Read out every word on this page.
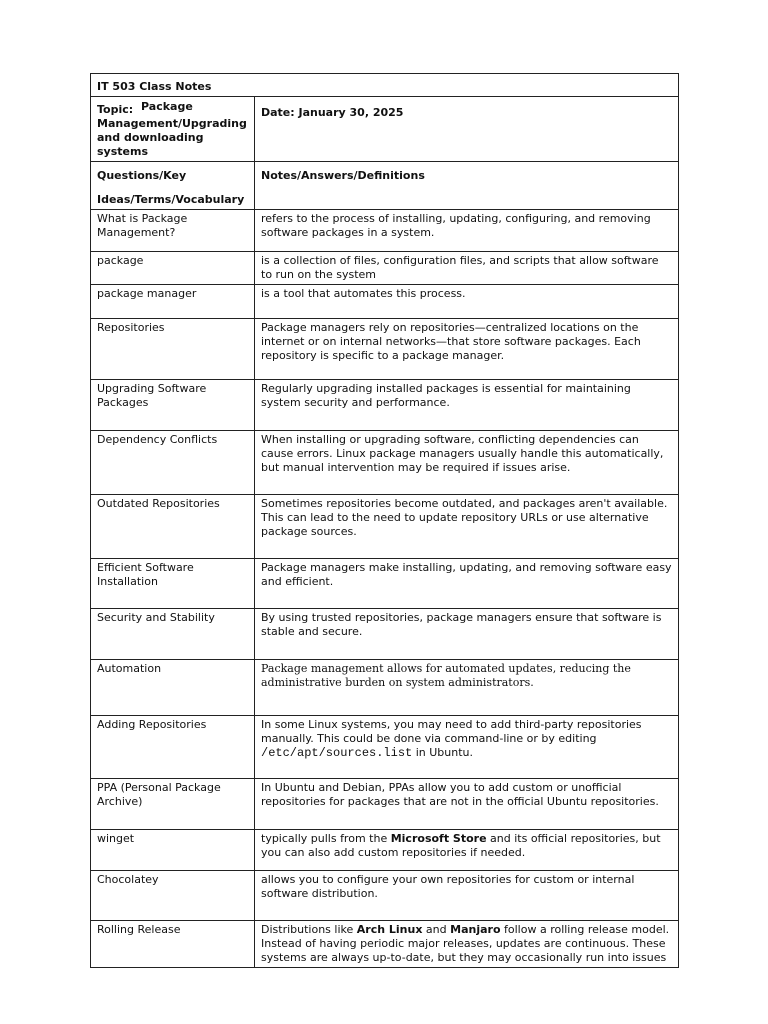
IT 503 Class Notes	
Topic: Package
Management/Upgrading
and downloading systems	Date: January 30, 2025
Questions/Key
Ideas/Terms/Vocabulary	Notes/Answers/Definitions
What is Package Management?	refers to the process of installing, updating, configuring, and removing software packages in a system.
package	is a collection of files, configuration files, and scripts that allow software to run on the system
package manager	is a tool that automates this process.
Repositories	Package managers rely on repositories—centralized locations on the internet or on internal networks—that store software packages. Each repository is specific to a package manager.
Upgrading Software Packages	Regularly upgrading installed packages is essential for maintaining system security and performance.
Dependency Conflicts	When installing or upgrading software, conflicting dependencies can cause errors. Linux package managers usually handle this automatically, but manual intervention may be required if issues arise.
Outdated Repositories	Sometimes repositories become outdated, and packages aren't available. This can lead to the need to update repository URLs or use alternative package sources.
Efficient Software Installation	Package managers make installing, updating, and removing software easy and efficient.
Security and Stability	By using trusted repositories, package managers ensure that software is stable and secure.
Automation	Package management allows for automated updates, reducing the administrative burden on system administrators.
Adding Repositories	In some Linux systems, you may need to add third-party repositories manually. This could be done via command-line or by editing /etc/apt/sources.list in Ubuntu.
PPA (Personal Package Archive)	In Ubuntu and Debian, PPAs allow you to add custom or unofficial repositories for packages that are not in the official Ubuntu repositories.
winget	typically pulls from the Microsoft Store and its official repositories, but you can also add custom repositories if needed.
Chocolatey	allows you to configure your own repositories for custom or internal software distribution.
Rolling Release	Distributions like Arch Linux and Manjaro follow a rolling release model. Instead of having periodic major releases, updates are continuous. These systems are always up-to-date, but they may occasionally run into issues
